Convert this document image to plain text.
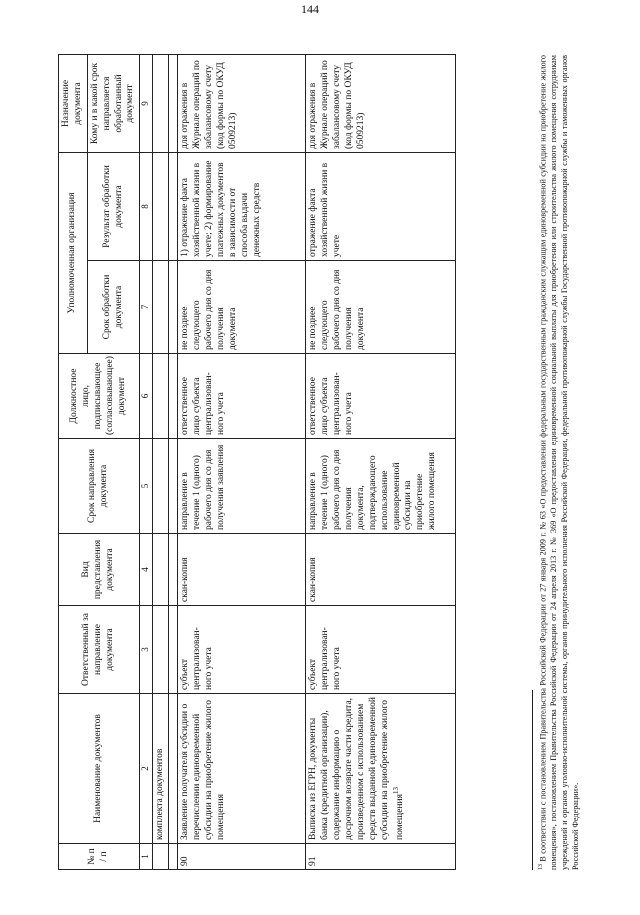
144
№ п / п	Наименование документов	Ответственный за направление документа	Вид представления документа	Срок направления документа	Должностное лицо, подписывающее (согласовывающее) документ	Уполномоченная организация		Назначение документа
						Срок обработки документа	Результат обработки документа	Кому и в какой срок направляется обработанный документ
1	2	3	4	5	6	7	8	9
	комплекта документов							

90	Заявление получателя субсидии о перечислении единовременной субсидии на приобретение жилого помещения	субъект централизован-ного учета	скан-копия	направление в течение 1 (одного) рабочего дня со дня получения заявления	ответственное лицо субъекта централизован-ного учета	не позднее следующего рабочего дня со дня получения документа	1) отражение факта хозяйственной жизни в учете; 2) формирование платежных документов в зависимости от способа выдачи денежных средств	для отражения в Журнале операций по забалансовому счету (код формы по ОКУД 0509213)
91	Выписка из ЕГРН, документы банка (кредитной организации), содержание информацию о досрочном возврате части кредита, произведенном с использованием средств выданной единовременной субсидии на приобретение жилого помещения$^{13}$	субъект централизован-ного учета	скан-копия	направление в течение 1 (одного) рабочего дня со дня получения документа, подтверждающего использование единовременной субсидии на приобретение жилого помещения	ответственное лицо субъекта централизован-ного учета	не позднее следующего рабочего дня со дня получения документа	отражение факта хозяйственной жизни в учете	для отражения в Журнале операций по забалансовому счету (код формы по ОКУД 0509213)
$^{13}$ В соответствии с постановлением Правительства Российской Федерации от 27 января 2009 г. № 63 «О предоставлении федеральным государственным гражданским служащим единовременной субсидии на приобретение жилого помещения», постановлением Правительства Российской Федерации от 24 апреля 2013 г. № 369 «О предоставлении единовременной социальной выплаты для приобретения или строительства жилого помещения сотрудникам учреждений и органов уголовно-исполнительной системы, органов принудительного исполнения Российской Федерации, федеральной противопожарной службы Государственной противопожарной службы и таможенных органов Российской Федерации».
